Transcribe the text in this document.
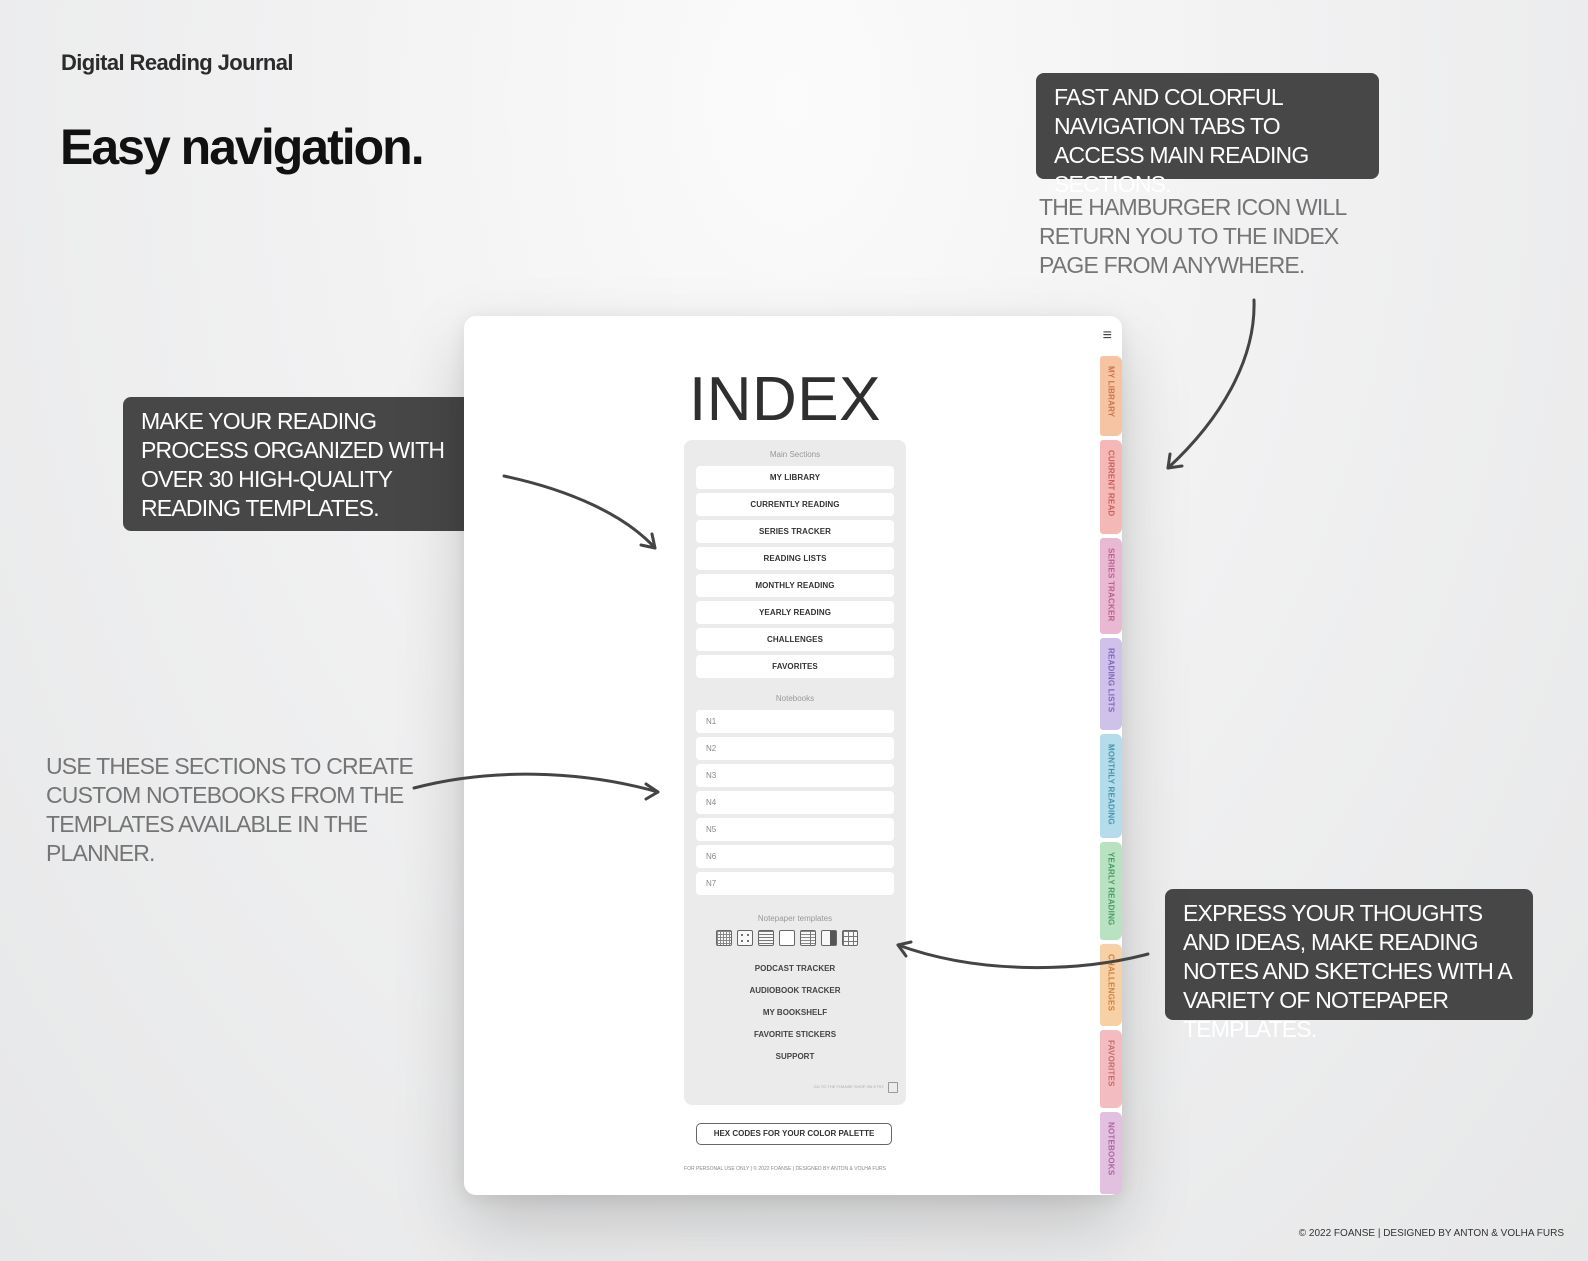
Digital Reading Journal
Easy navigation.
FAST AND COLORFUL NAVIGATION TABS TO ACCESS MAIN READING SECTIONS.
THE HAMBURGER ICON WILL RETURN YOU TO THE INDEX PAGE FROM ANYWHERE.
MAKE YOUR READING PROCESS ORGANIZED WITH OVER 30 HIGH-QUALITY READING TEMPLATES.
USE THESE SECTIONS TO CREATE CUSTOM NOTEBOOKS FROM THE TEMPLATES AVAILABLE IN THE PLANNER.
EXPRESS YOUR THOUGHTS AND IDEAS, MAKE READING NOTES AND SKETCHES WITH A VARIETY OF NOTEPAPER TEMPLATES.
≡
INDEX
Main Sections
MY LIBRARY
CURRENTLY READING
SERIES TRACKER
READING LISTS
MONTHLY READING
YEARLY READING
CHALLENGES
FAVORITES
Notebooks
N1
N2
N3
N4
N5
N6
N7
Notepaper templates
PODCAST TRACKER
AUDIOBOOK TRACKER
MY BOOKSHELF
FAVORITE STICKERS
SUPPORT
GO TO THE FOANSE SHOP ON ETSY
HEX CODES FOR YOUR COLOR PALETTE
FOR PERSONAL USE ONLY | © 2022 FOANSE | DESIGNED BY ANTON & VOLHA FURS
MY LIBRARY
CURRENT READ
SERIES TRACKER
READING LISTS
MONTHLY READING
YEARLY READING
CHALLENGES
FAVORITES
NOTEBOOKS
© 2022 FOANSE | DESIGNED BY ANTON & VOLHA FURS
